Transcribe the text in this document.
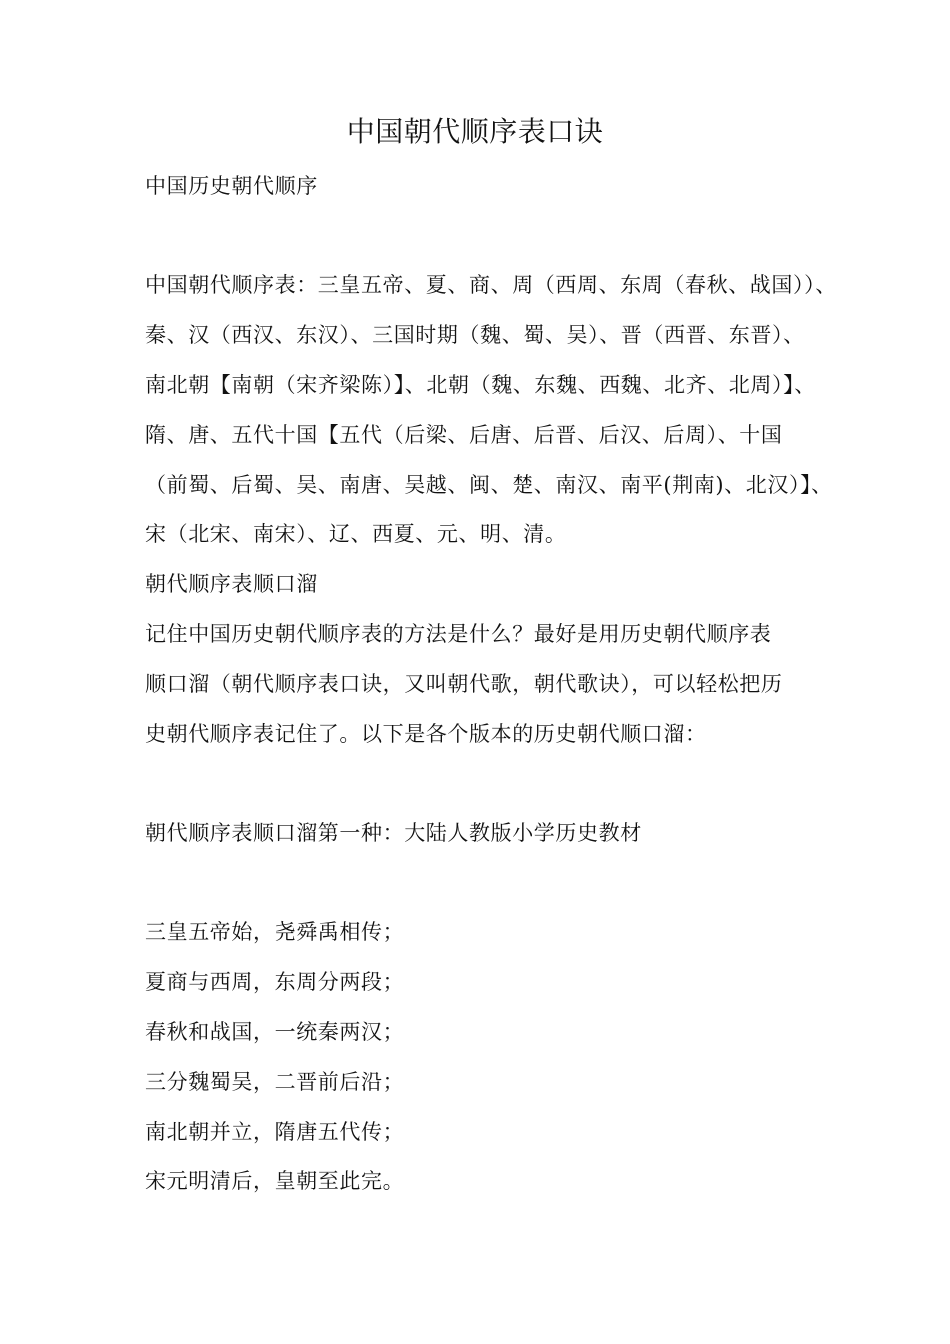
中国朝代顺序表口诀
中国历史朝代顺序
中国朝代顺序表：三皇五帝、夏、商、周（西周、东周（春秋、战国））、
秦、汉（西汉、东汉）、三国时期（魏、蜀、吴）、晋（西晋、东晋）、
南北朝【南朝（宋齐梁陈）】、北朝（魏、东魏、西魏、北齐、北周）】、
隋、唐、五代十国【五代（后梁、后唐、后晋、后汉、后周）、十国
（前蜀、后蜀、吴、南唐、吴越、闽、楚、南汉、南平(荆南)、北汉）】、
宋（北宋、南宋）、辽、西夏、元、明、清。
朝代顺序表顺口溜
记住中国历史朝代顺序表的方法是什么？最好是用历史朝代顺序表
顺口溜（朝代顺序表口诀，又叫朝代歌，朝代歌诀），可以轻松把历
史朝代顺序表记住了。以下是各个版本的历史朝代顺口溜：
朝代顺序表顺口溜第一种：大陆人教版小学历史教材
三皇五帝始，尧舜禹相传；
夏商与西周，东周分两段；
春秋和战国，一统秦两汉；
三分魏蜀吴，二晋前后沿；
南北朝并立，隋唐五代传；
宋元明清后，皇朝至此完。
